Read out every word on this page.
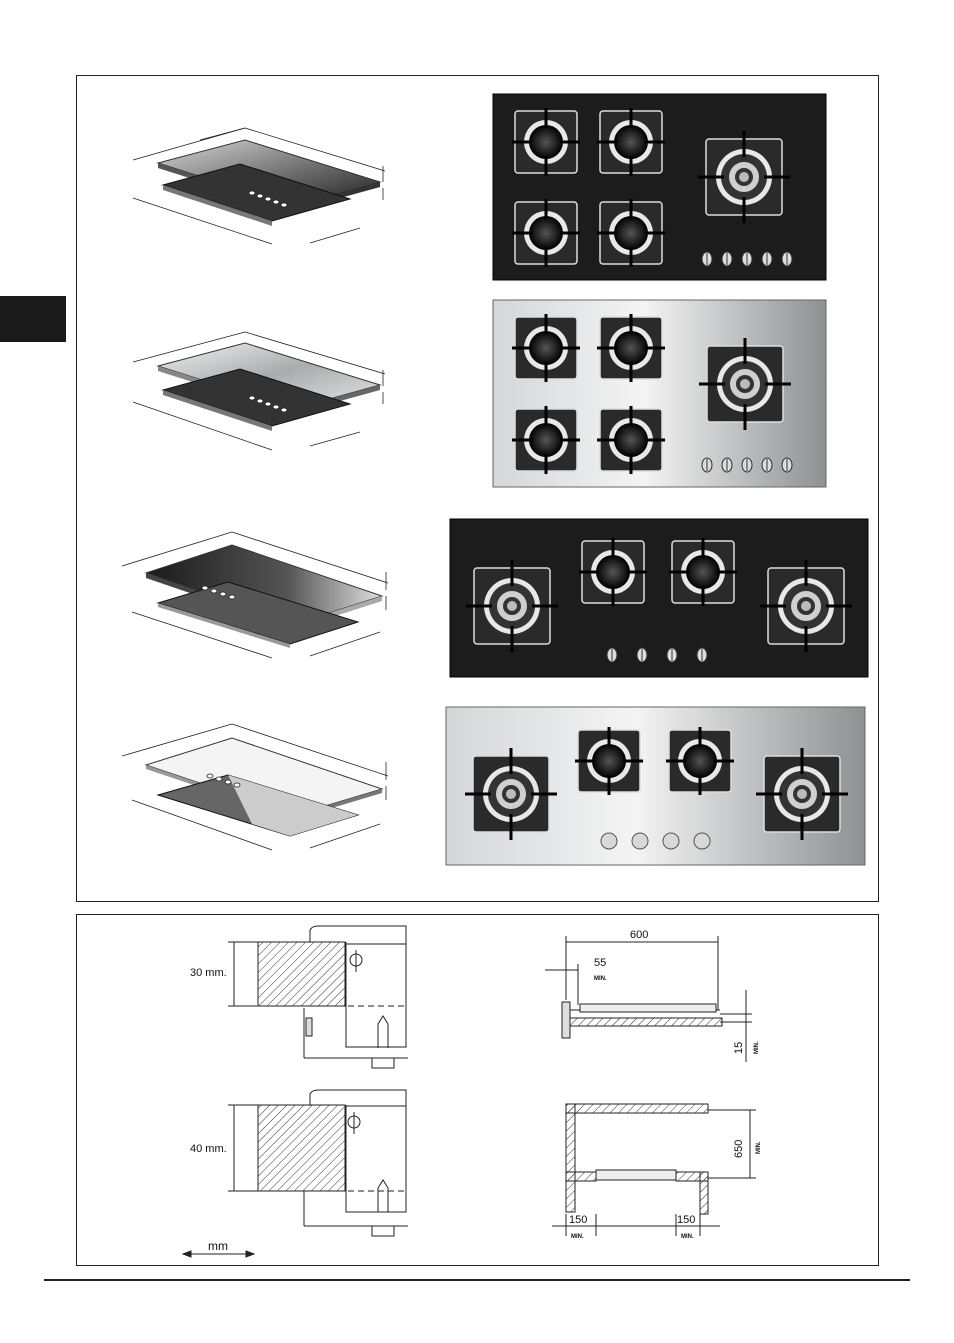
30 mm.
40 mm.
mm
600
55
MIN.
15 MIN.
650 MIN.
150
MIN.
150
MIN.
